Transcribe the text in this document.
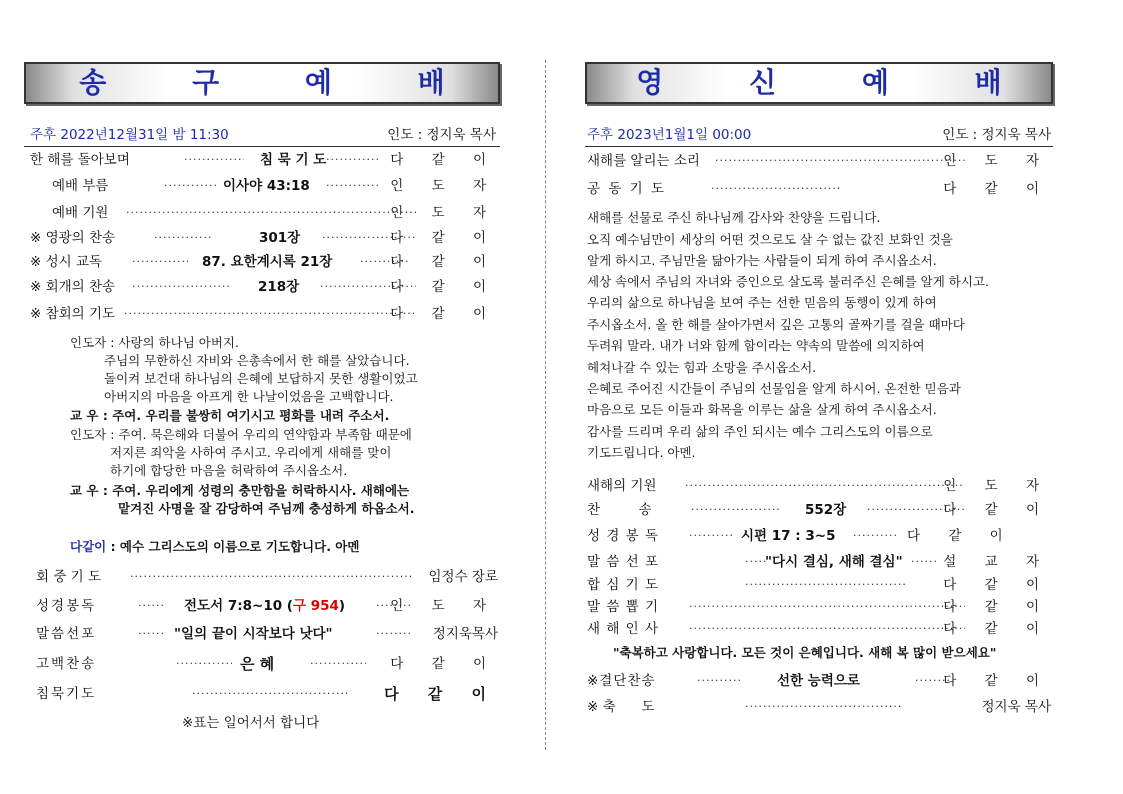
송 구 예 배
주후 2022년12월31일 밤 11:30	인도 : 정지욱 목사
한 해를 돌아보며 ·····	침 묵 기 도 ·····	다 같 이
예배 부름 ·····	이사야 43:18 ·····	인 도 자
예배 기원 ·····	인 도 자
※ 영광의 찬송 ·····	301장 ·····	다 같 이
※ 성시 교독 ·····	87. 요한계시록 21장 ·····	다 같 이
※ 회개의 찬송 ·····	218장 ·····	다 같 이
※ 참회의 기도 ·····	다 같 이
인도자 : 사랑의 하나님 아버지.
주님의 무한하신 자비와 은총속에서 한 해를 살았습니다.
돌이켜 보건대 하나님의 은혜에 보답하지 못한 생활이었고
아버지의 마음을 아프게 한 나날이었음을 고백합니다.
교 우 : 주여. 우리를 불쌍히 여기시고 평화를 내려 주소서.
인도자 : 주여. 묵은해와 더불어 우리의 연약함과 부족함 때문에
저지른 죄악을 사하여 주시고. 우리에게 새해를 맞이
하기에 합당한 마음을 허락하여 주시옵소서.
교 우 : 주여. 우리에게 성령의 충만함을 허락하시사. 새해에는
맡겨진 사명을 잘 감당하여 주님께 충성하게 하옵소서.
다같이 : 예수 그리스도의 이름으로 기도합니다. 아멘
회 중 기 도 ·····	임정수 장로
성경봉독 ·····	전도서 7:8~10 (구 954) ·····	인 도 자
말씀선포 ·····	"일의 끝이 시작보다 낫다" ·····	정지욱목사
고백찬송 ·····	은 혜 ·····	다 같 이
침묵기도 ·····	다 같 이
※표는 일어서서 합니다
영 신 예 배
주후 2023년1월1일 00:00	인도 : 정지욱 목사
새해를 알리는 소리 ·····	인 도 자
공 동 기 도 ·····	다 같 이
새해를 선물로 주신 하나님께 감사와 찬양을 드립니다.
오직 예수님만이 세상의 어떤 것으로도 살 수 없는 값진 보화인 것을
알게 하시고. 주님만을 닮아가는 사람들이 되게 하여 주시옵소서.
세상 속에서 주님의 자녀와 증인으로 살도록 불러주신 은혜를 알게 하시고.
우리의 삶으로 하나님을 보여 주는 선한 믿음의 동행이 있게 하여
주시옵소서. 올 한 해를 살아가면서 깊은 고통의 골짜기를 걸을 때마다
두려워 말라. 내가 너와 함께 함이라는 약속의 말씀에 의지하여
헤쳐나갈 수 있는 힘과 소망을 주시옵소서.
은혜로 주어진 시간들이 주님의 선물임을 알게 하시어. 온전한 믿음과
마음으로 모든 이들과 화목을 이루는 삶을 살게 하여 주시옵소서.
감사를 드리며 우리 삶의 주인 되시는 예수 그리스도의 이름으로
기도드립니다. 아멘.
새해의 기원 ·····	인 도 자
찬         송 ·····	552장 ·····	다 같 이
성 경 봉 독 ·····	시편 17 : 3~5 ·····	다 같 이
말 씀 선 포 ·····	"다시 결심, 새해 결심" ·····	설 교 자
합 심 기 도 ·····	다 같 이
말 씀 뽑 기 ·····	다 같 이
새 해 인 사 ·····	다 같 이
"축복하고 사랑합니다. 모든 것이 은혜입니다. 새해 복 많이 받으세요"
※결단찬송 ·····	선한 능력으로 ·····	다 같 이
※ 축      도 ·····	정지욱 목사
